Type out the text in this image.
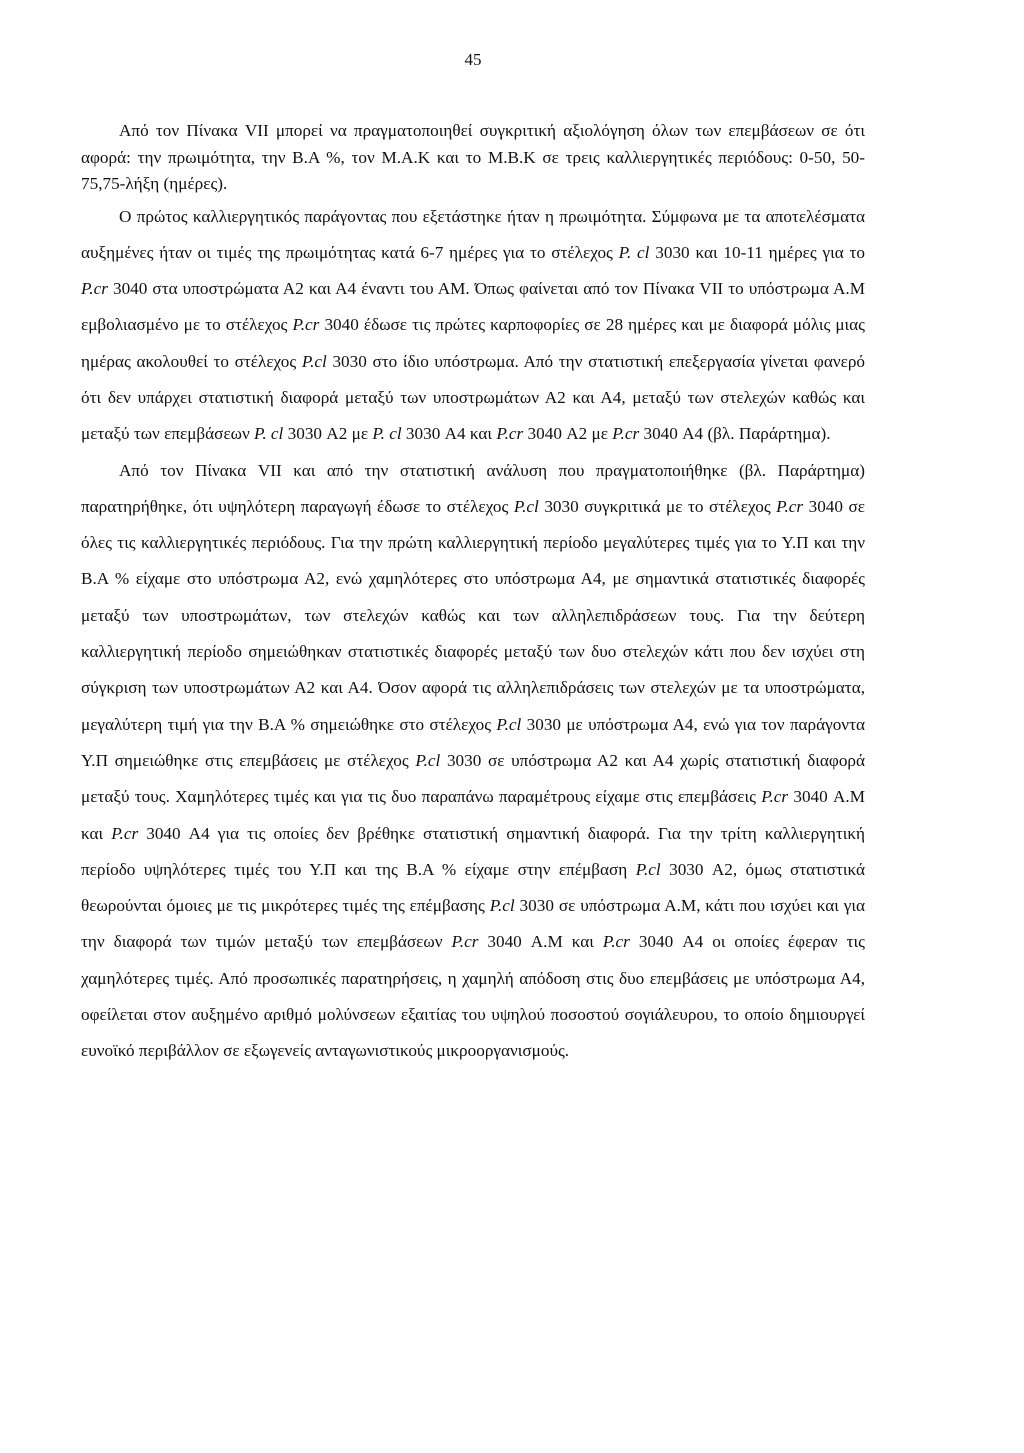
45

Από τον Πίνακα VII μπορεί να πραγματοποιηθεί συγκριτική αξιολόγηση όλων των επεμβάσεων σε ότι αφορά: την πρωιμότητα, την Β.Α %, τον Μ.Α.Κ και το Μ.Β.Κ σε τρεις καλλιεργητικές περιόδους: 0-50, 50-75,75-λήξη (ημέρες).

Ο πρώτος καλλιεργητικός παράγοντας που εξετάστηκε ήταν η πρωιμότητα. Σύμφωνα με τα αποτελέσματα αυξημένες ήταν οι τιμές της πρωιμότητας κατά 6-7 ημέρες για το στέλεχος P. cl 3030 και 10-11 ημέρες για το P.cr 3040 στα υποστρώματα Α2 και Α4 έναντι του ΑΜ. Όπως φαίνεται από τον Πίνακα VII το υπόστρωμα Α.Μ εμβολιασμένο με το στέλεχος P.cr 3040 έδωσε τις πρώτες καρποφορίες σε 28 ημέρες και με διαφορά μόλις μιας ημέρας ακολουθεί το στέλεχος P.cl 3030 στο ίδιο υπόστρωμα. Από την στατιστική επεξεργασία γίνεται φανερό ότι δεν υπάρχει στατιστική διαφορά μεταξύ των υποστρωμάτων Α2 και Α4, μεταξύ των στελεχών καθώς και μεταξύ των επεμβάσεων P. cl 3030 Α2 με P. cl 3030 Α4 και P.cr 3040 Α2 με P.cr 3040 Α4 (βλ. Παράρτημα).

Από τον Πίνακα VII και από την στατιστική ανάλυση που πραγματοποιήθηκε (βλ. Παράρτημα) παρατηρήθηκε, ότι υψηλότερη παραγωγή έδωσε το στέλεχος P.cl 3030 συγκριτικά με το στέλεχος P.cr 3040 σε όλες τις καλλιεργητικές περιόδους. Για την πρώτη καλλιεργητική περίοδο μεγαλύτερες τιμές για το Υ.Π και την Β.Α % είχαμε στο υπόστρωμα Α2, ενώ χαμηλότερες στο υπόστρωμα Α4, με σημαντικά στατιστικές διαφορές μεταξύ των υποστρωμάτων, των στελεχών καθώς και των αλληλεπιδράσεων τους. Για την δεύτερη καλλιεργητική περίοδο σημειώθηκαν στατιστικές διαφορές μεταξύ των δυο στελεχών κάτι που δεν ισχύει στη σύγκριση των υποστρωμάτων Α2 και Α4. Όσον αφορά τις αλληλεπιδράσεις των στελεχών με τα υποστρώματα, μεγαλύτερη τιμή για την Β.Α % σημειώθηκε στο στέλεχος P.cl 3030 με υπόστρωμα Α4, ενώ για τον παράγοντα Υ.Π σημειώθηκε στις επεμβάσεις με στέλεχος P.cl 3030 σε υπόστρωμα Α2 και Α4 χωρίς στατιστική διαφορά μεταξύ τους. Χαμηλότερες τιμές και για τις δυο παραπάνω παραμέτρους είχαμε στις επεμβάσεις P.cr 3040 Α.Μ και P.cr 3040 Α4 για τις οποίες δεν βρέθηκε στατιστική σημαντική διαφορά. Για την τρίτη καλλιεργητική περίοδο υψηλότερες τιμές του Υ.Π και της Β.Α % είχαμε στην επέμβαση P.cl 3030 Α2, όμως στατιστικά θεωρούνται όμοιες με τις μικρότερες τιμές της επέμβασης P.cl 3030 σε υπόστρωμα Α.Μ, κάτι που ισχύει και για την διαφορά των τιμών μεταξύ των επεμβάσεων P.cr 3040 Α.Μ και P.cr 3040 Α4 οι οποίες έφεραν τις χαμηλότερες τιμές. Από προσωπικές παρατηρήσεις, η χαμηλή απόδοση στις δυο επεμβάσεις με υπόστρωμα Α4, οφείλεται στον αυξημένο αριθμό μολύνσεων εξαιτίας του υψηλού ποσοστού σογιάλευρου, το οποίο δημιουργεί ευνοϊκό περιβάλλον σε εξωγενείς ανταγωνιστικούς μικροοργανισμούς.
